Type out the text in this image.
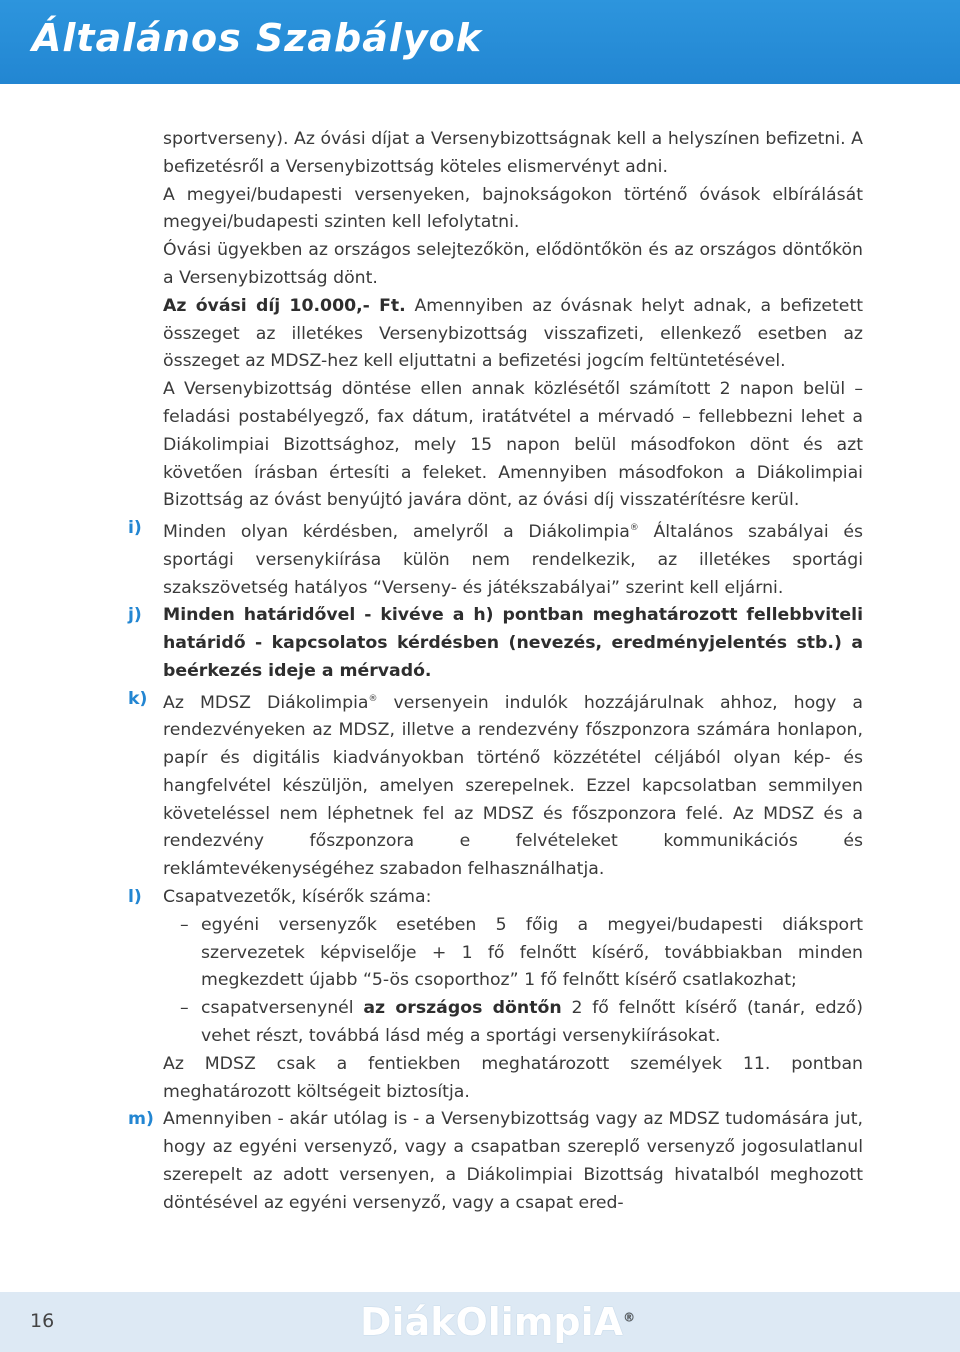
Általános Szabályok
sportverseny). Az óvási díjat a Versenybizottságnak kell a helyszínen befizetni. A befizetésről a Versenybizottság köteles elismervényt adni.
A megyei/budapesti versenyeken, bajnokságokon történő óvások elbírálását megyei/budapesti szinten kell lefolytatni.
Óvási ügyekben az országos selejtezőkön, elődöntőkön és az országos döntőkön a Versenybizottság dönt.
Az óvási díj 10.000,- Ft. Amennyiben az óvásnak helyt adnak, a befizetett összeget az illetékes Versenybizottság visszafizeti, ellenkező esetben az összeget az MDSZ-hez kell eljuttatni a befizetési jogcím feltüntetésével.
A Versenybizottság döntése ellen annak közlésétől számított 2 napon belül – feladási postabélyegző, fax dátum, iratátvétel a mérvadó – fellebbezni lehet a Diákolimpiai Bizottsághoz, mely 15 napon belül másodfokon dönt és azt követően írásban értesíti a feleket. Amennyiben másodfokon a Diákolimpiai Bizottság az óvást benyújtó javára dönt, az óvási díj visszatérítésre kerül.
i) Minden olyan kérdésben, amelyről a Diákolimpia® Általános szabályai és sportági versenykiírása külön nem rendelkezik, az illetékes sportági szakszövetség hatályos “Verseny- és játékszabályai” szerint kell eljárni.
j) Minden határidővel - kivéve a h) pontban meghatározott fellebbviteli határidő - kapcsolatos kérdésben (nevezés, eredményjelentés stb.) a beérkezés ideje a mérvadó.
k) Az MDSZ Diákolimpia® versenyein indulók hozzájárulnak ahhoz, hogy a rendezvényeken az MDSZ, illetve a rendezvény főszponzora számára honlapon, papír és digitális kiadványokban történő közzététel céljából olyan kép- és hangfelvétel készüljön, amelyen szerepelnek. Ezzel kapcsolatban semmilyen követeléssel nem léphetnek fel az MDSZ és főszponzora felé. Az MDSZ és a rendezvény főszponzora e felvételeket kommunikációs és reklámtevékenységéhez szabadon felhasználhatja.
l) Csapatvezetők, kísérők száma:
– egyéni versenyzők esetében 5 főig a megyei/budapesti diáksport szervezetek képviselője + 1 fő felnőtt kísérő, továbbiakban minden megkezdett újabb “5-ös csoporthoz” 1 fő felnőtt kísérő csatlakozhat;
– csapatversenynél az országos döntőn 2 fő felnőtt kísérő (tanár, edző) vehet részt, továbbá lásd még a sportági versenykiírásokat.
Az MDSZ csak a fentiekben meghatározott személyek 11. pontban meghatározott költségeit biztosítja.
m) Amennyiben - akár utólag is - a Versenybizottság vagy az MDSZ tudomására jut, hogy az egyéni versenyző, vagy a csapatban szereplő versenyző jogosulatlanul szerepelt az adott versenyen, a Diákolimpiai Bizottság hivatalból meghozott döntésével az egyéni versenyző, vagy a csapat ered-
16	DiákOlimpiA®
